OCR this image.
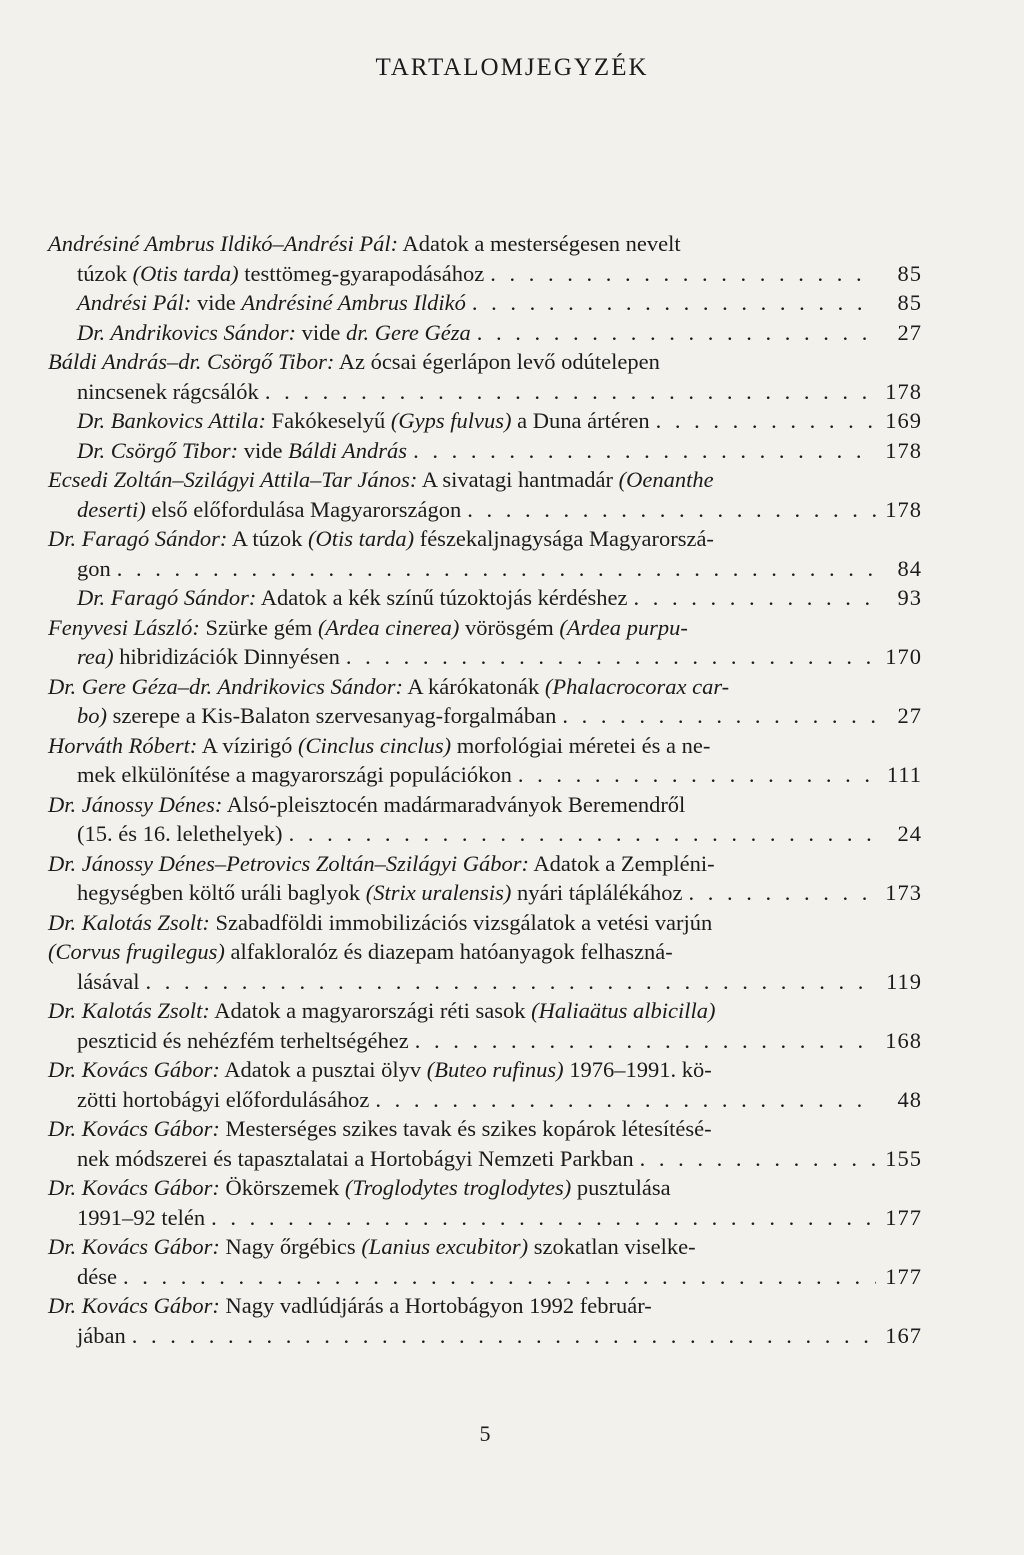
TARTALOMJEGYZÉK
Andrésiné Ambrus Ildikó–Andrési Pál: Adatok a mesterségesen nevelt
túzok (Otis tarda) testtömeg-gyarapodásához . . .	85
Andrési Pál: vide Andrésiné Ambrus Ildikó . . .	85
Dr. Andrikovics Sándor: vide dr. Gere Géza . . .	27
Báldi András–dr. Csörgő Tibor: Az ócsai égerlápon levő odútelepen
nincsenek rágcsálók . . .	178
Dr. Bankovics Attila: Fakókeselyű (Gyps fulvus) a Duna ártéren . . .	169
Dr. Csörgő Tibor: vide Báldi András . . .	178
Ecsedi Zoltán–Szilágyi Attila–Tar János: A sivatagi hantmadár (Oenanthe
deserti) első előfordulása Magyarországon . . .	178
Dr. Faragó Sándor: A túzok (Otis tarda) fészekaljnagysága Magyarorszá-
gon . . .	84
Dr. Faragó Sándor: Adatok a kék színű túzoktojás kérdéshez . . .	93
Fenyvesi László: Szürke gém (Ardea cinerea) vörösgém (Ardea purpu-
rea) hibridizációk Dinnyésen . . .	170
Dr. Gere Géza–dr. Andrikovics Sándor: A kárókatonák (Phalacrocorax car-
bo) szerepe a Kis-Balaton szervesanyag-forgalmában . . .	27
Horváth Róbert: A vízirigó (Cinclus cinclus) morfológiai méretei és a ne-
mek elkülönítése a magyarországi populációkon . . .	111
Dr. Jánossy Dénes: Alsó-pleisztocén madármaradványok Beremendről
(15. és 16. lelethelyek) . . .	24
Dr. Jánossy Dénes–Petrovics Zoltán–Szilágyi Gábor: Adatok a Zempléni-
hegységben költő uráli baglyok (Strix uralensis) nyári táplálékához . . .	173
Dr. Kalotás Zsolt: Szabadföldi immobilizációs vizsgálatok a vetési varjún
(Corvus frugilegus) alfakloralóz és diazepam hatóanyagok felhaszná-
lásával . . .	119
Dr. Kalotás Zsolt: Adatok a magyarországi réti sasok (Haliaätus albicilla)
peszticid és nehézfém terheltségéhez . . .	168
Dr. Kovács Gábor: Adatok a pusztai ölyv (Buteo rufinus) 1976–1991. kö-
zötti hortobágyi előfordulásához . . .	48
Dr. Kovács Gábor: Mesterséges szikes tavak és szikes kopárok létesítésé-
nek módszerei és tapasztalatai a Hortobágyi Nemzeti Parkban . . .	155
Dr. Kovács Gábor: Ökörszemek (Troglodytes troglodytes) pusztulása
1991–92 telén . . .	177
Dr. Kovács Gábor: Nagy őrgébics (Lanius excubitor) szokatlan viselke-
dése . . .	177
Dr. Kovács Gábor: Nagy vadlúdjárás a Hortobágyon 1992 február-
jában . . .	167
5
